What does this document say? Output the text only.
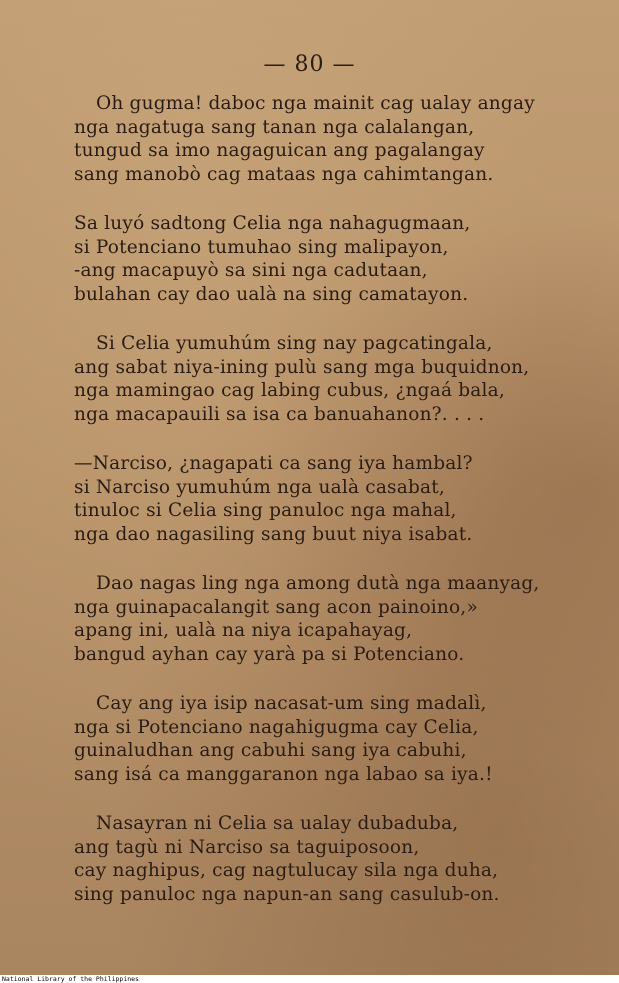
— 80 —
Oh gugma! daboc nga mainit cag ualay angay
nga nagatuga sang tanan nga calalangan,
tungud sa imo nagaguican ang pagalangay
sang manobò cag mataas nga cahimtangan.
Sa luyó sadtong Celia nga nahagugmaan,
si Potenciano tumuhao sing malipayon,
-ang macapuyò sa sini nga cadutaan,
bulahan cay dao ualà na sing camatayon.
Si Celia yumuhúm sing nay pagcatingala,
ang sabat niya-ining pulù sang mga buquidnon,
nga mamingao cag labing cubus, ¿ngaá bala,
nga macapauili sa isa ca banuahanon?. . . .
—Narciso, ¿nagapati ca sang iya hambal?
si Narciso yumuhúm nga ualà casabat,
tinuloc si Celia sing panuloc nga mahal,
nga dao nagasiling sang buut niya isabat.
Dao nagas ling nga among dutà nga maanyag,
nga guinapacalangit sang acon painoino,»
apang ini, ualà na niya icapahayag,
bangud ayhan cay yarà pa si Potenciano.
Cay ang iya isip nacasat-um sing madalì,
nga si Potenciano nagahigugma cay Celia,
guinaludhan ang cabuhi sang iya cabuhi,
sang isá ca manggaranon nga labao sa iya.!
Nasayran ni Celia sa ualay dubaduba,
ang tagù ni Narciso sa taguiposoon,
cay naghipus, cag nagtulucay sila nga duha,
sing panuloc nga napun-an sang casulub-on.
National Library of the Philippines
